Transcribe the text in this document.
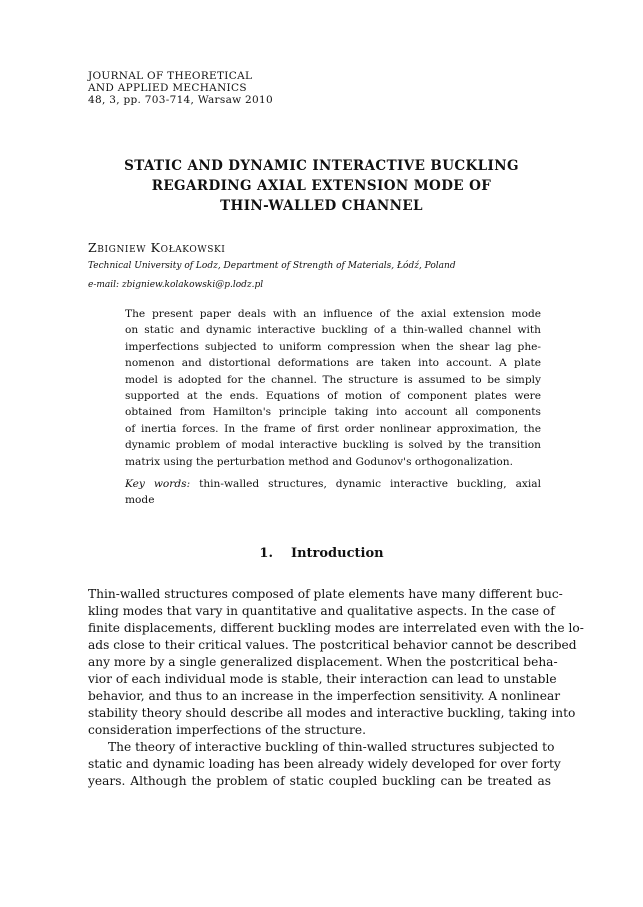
JOURNAL OF THEORETICAL
AND APPLIED MECHANICS
48, 3, pp. 703-714, Warsaw 2010
STATIC AND DYNAMIC INTERACTIVE BUCKLING
REGARDING AXIAL EXTENSION MODE OF
THIN-WALLED CHANNEL
Zbigniew Kołakowski
Technical University of Lodz, Department of Strength of Materials, Łódź, Poland
e-mail: zbigniew.kolakowski@p.lodz.pl
The present paper deals with an influence of the axial extension mode
on static and dynamic interactive buckling of a thin-walled channel with
imperfections subjected to uniform compression when the shear lag phe-
nomenon and distortional deformations are taken into account. A plate
model is adopted for the channel. The structure is assumed to be simply
supported at the ends. Equations of motion of component plates were
obtained from Hamilton's principle taking into account all components
of inertia forces. In the frame of first order nonlinear approximation, the
dynamic problem of modal interactive buckling is solved by the transition
matrix using the perturbation method and Godunov's orthogonalization.
Key words: thin-walled structures, dynamic interactive buckling, axial
mode
1. Introduction
Thin-walled structures composed of plate elements have many different buc-
kling modes that vary in quantitative and qualitative aspects. In the case of
finite displacements, different buckling modes are interrelated even with the lo-
ads close to their critical values. The postcritical behavior cannot be described
any more by a single generalized displacement. When the postcritical beha-
vior of each individual mode is stable, their interaction can lead to unstable
behavior, and thus to an increase in the imperfection sensitivity. A nonlinear
stability theory should describe all modes and interactive buckling, taking into
consideration imperfections of the structure.
The theory of interactive buckling of thin-walled structures subjected to
static and dynamic loading has been already widely developed for over forty
years. Although the problem of static coupled buckling can be treated as
